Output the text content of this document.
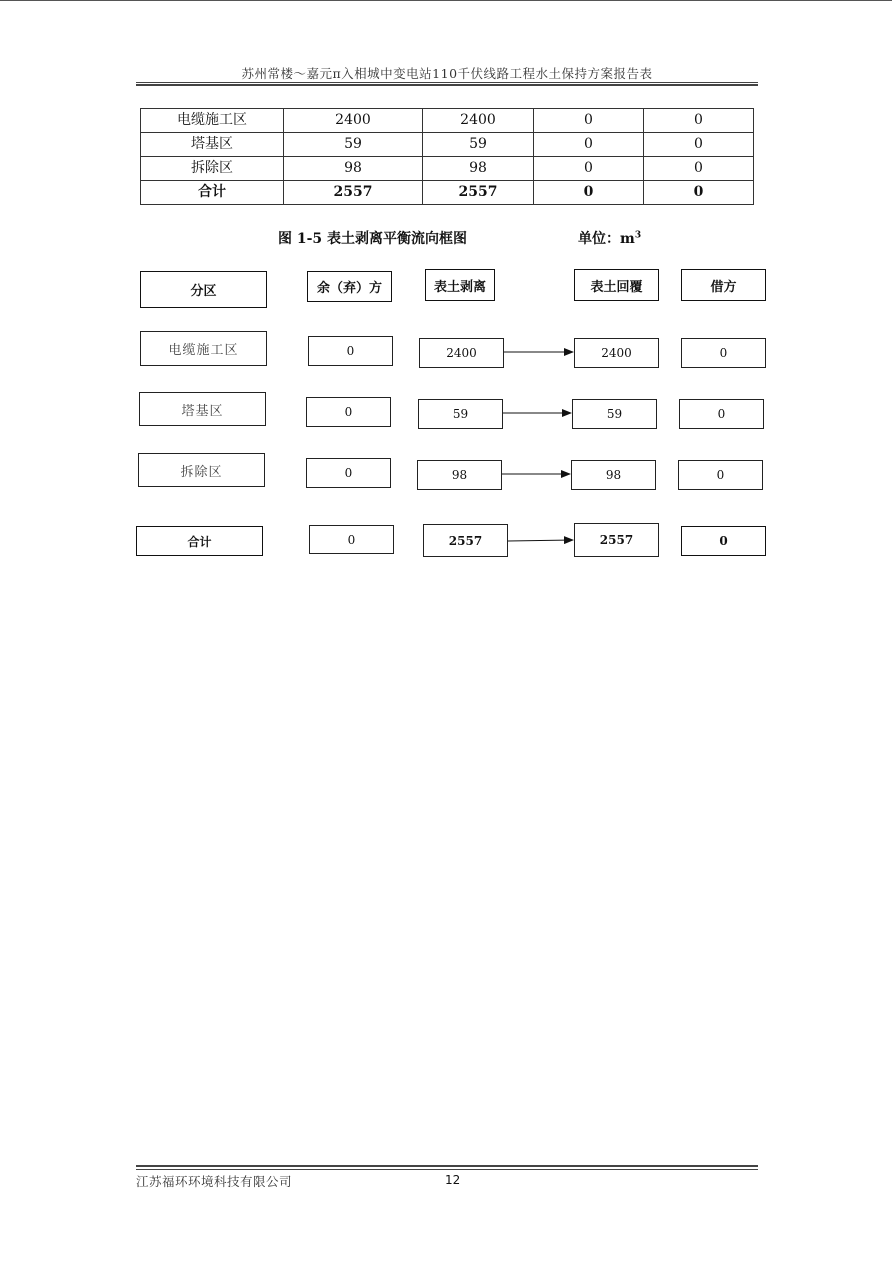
苏州常楼～嘉元π入相城中变电站110千伏线路工程水土保持方案报告表
电缆施工区	2400	2400	0	0
塔基区	59	59	0	0
拆除区	98	98	0	0
合计	2557	2557	0	0
图 1-5 表土剥离平衡流向框图	单位：$m^3$
分区	余（弃）方	表土剥离	表土回覆	借方
电缆施工区	0	2400	2400	0
塔基区	0	59	59	0
拆除区	0	98	98	0
合计	0	2557	2557	0
江苏福环环境科技有限公司	12
